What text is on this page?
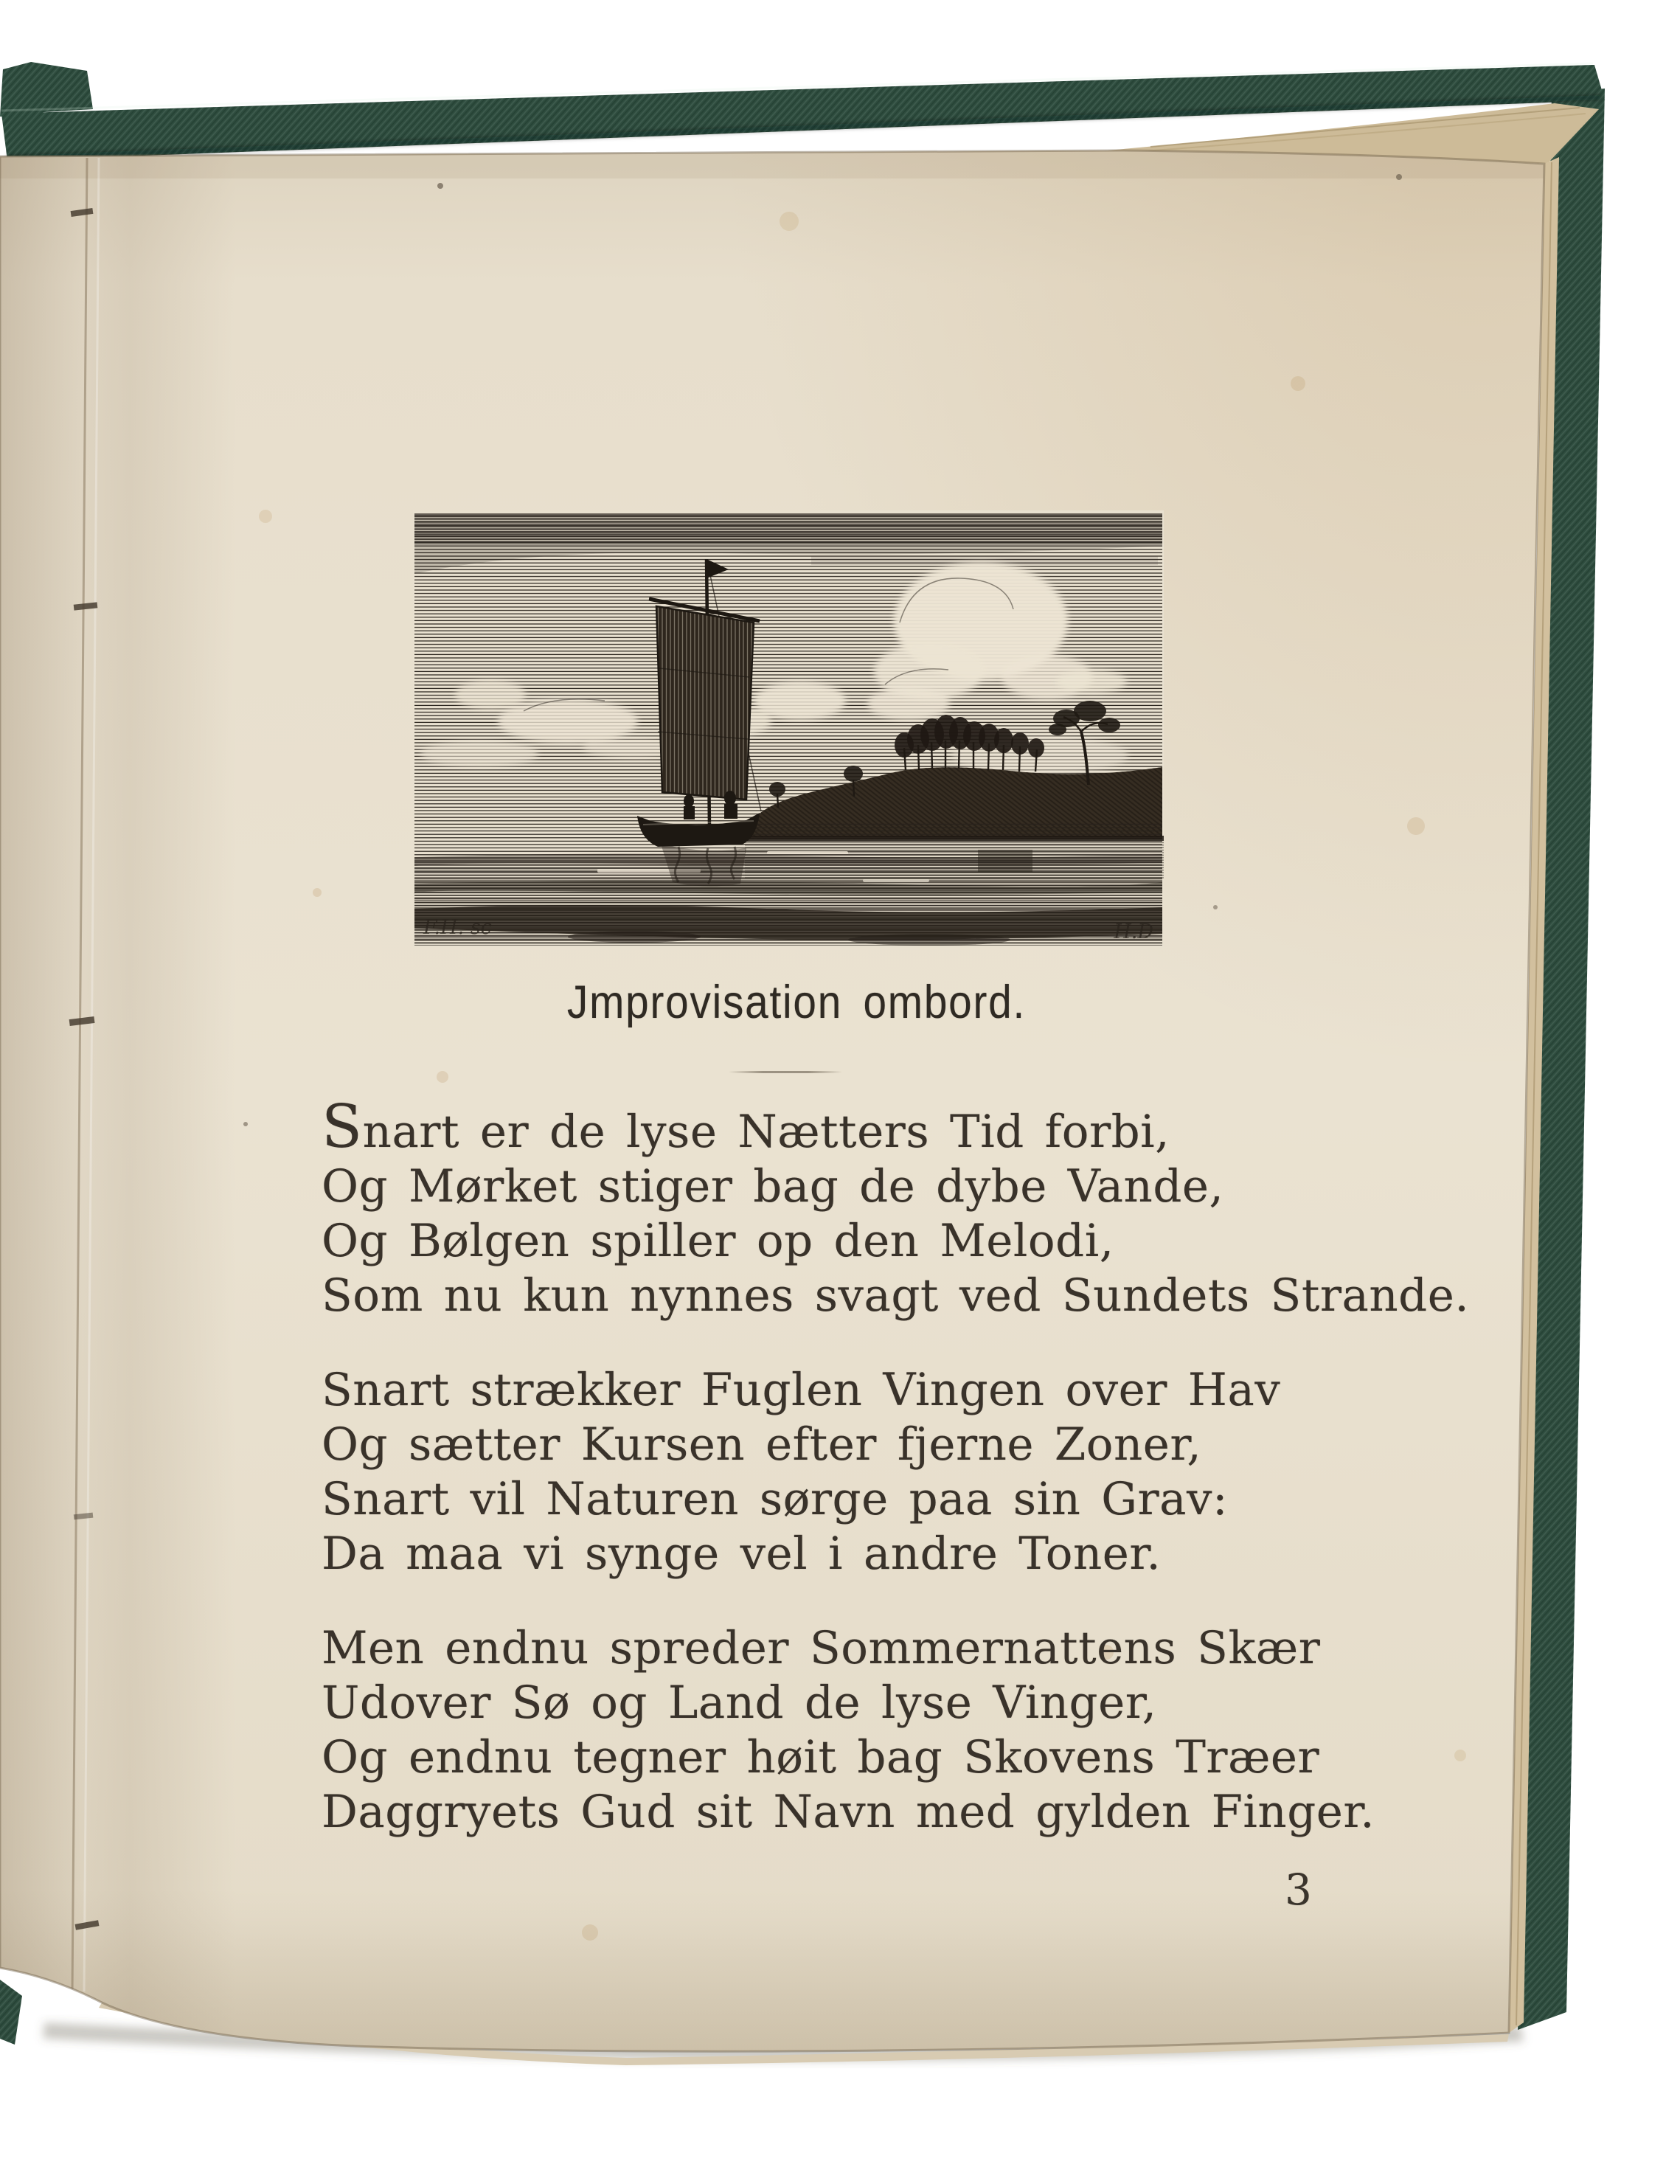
F.H. sc	H.D
Jmprovisation ombord.
Snart er de lyse Nætters Tid forbi,
Og Mørket stiger bag de dybe Vande,
Og Bølgen spiller op den Melodi,
Som nu kun nynnes svagt ved Sundets Strande.
Snart strækker Fuglen Vingen over Hav
Og sætter Kursen efter fjerne Zoner,
Snart vil Naturen sørge paa sin Grav:
Da maa vi synge vel i andre Toner.
Men endnu spreder Sommernattens Skær
Udover Sø og Land de lyse Vinger,
Og endnu tegner høit bag Skovens Træer
Daggryets Gud sit Navn med gylden Finger.
3
